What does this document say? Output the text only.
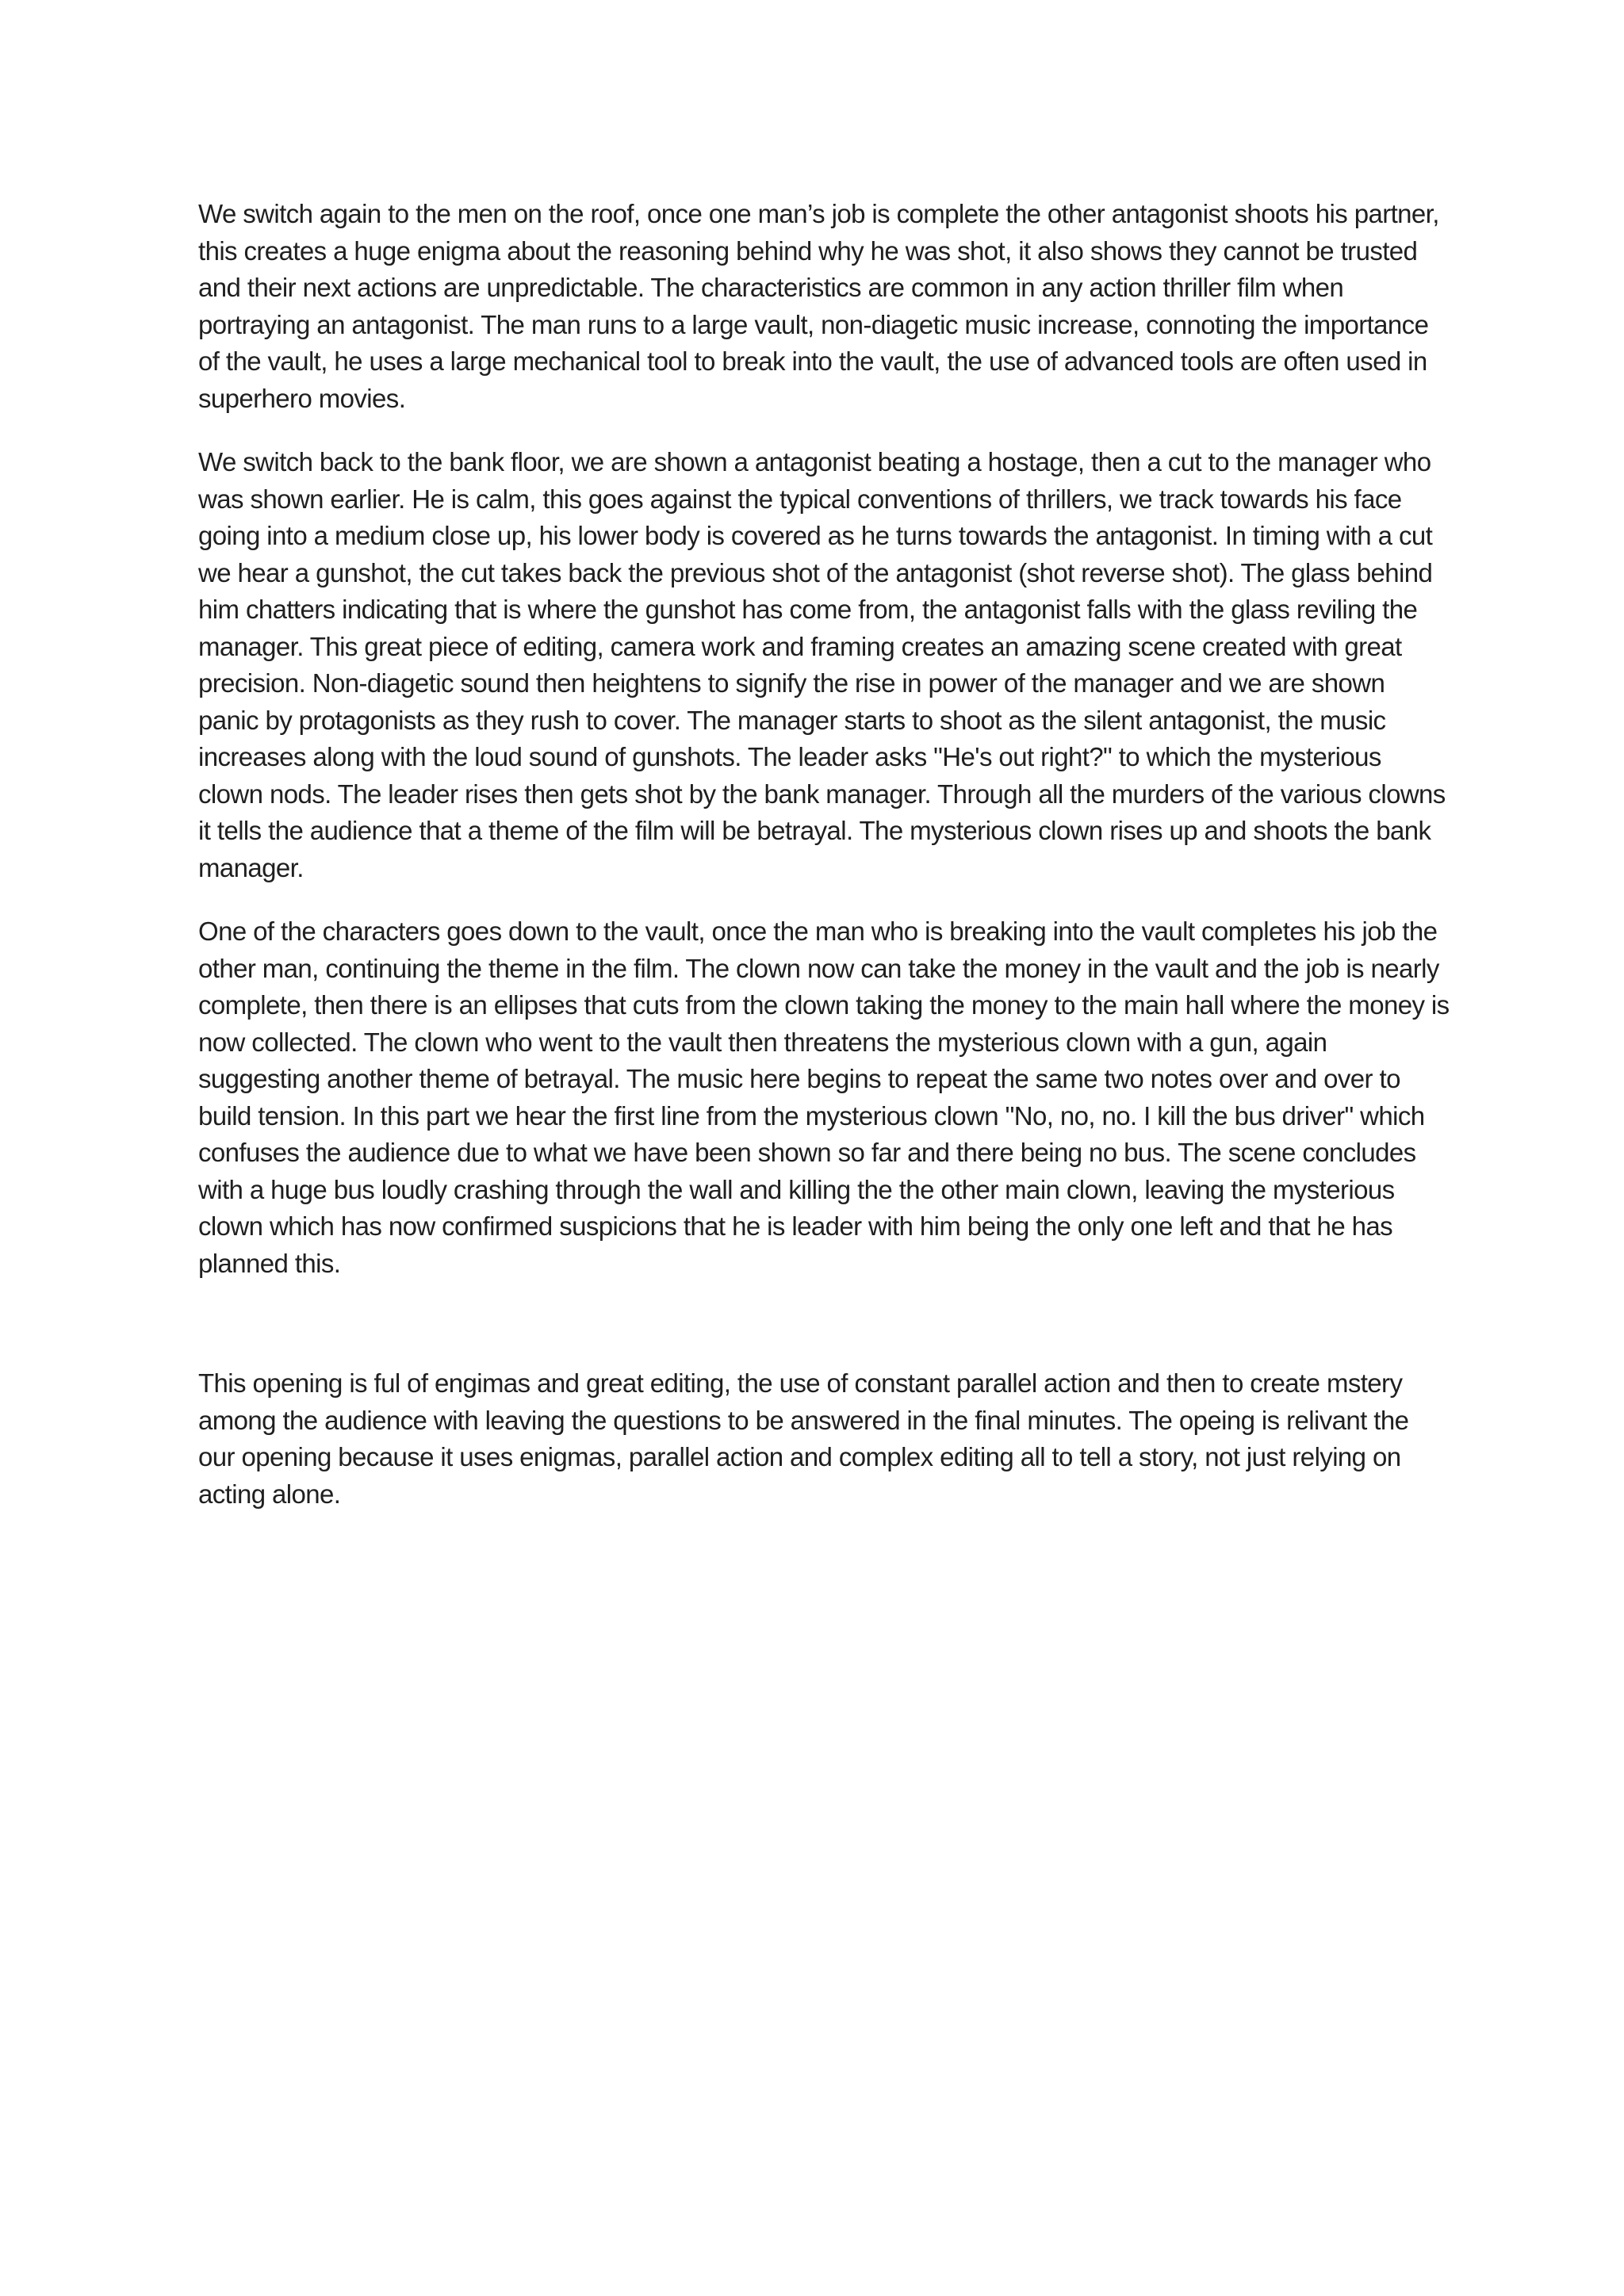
We switch again to the men on the roof, once one man’s job is complete the other antagonist shoots his partner, this creates a huge enigma about the reasoning behind why he was shot, it also shows they cannot be trusted and their next actions are unpredictable. The characteristics are common in any action thriller film when portraying an antagonist. The man runs to a large vault, non-diagetic music increase, connoting the importance of the vault, he uses a large mechanical tool to break into the vault, the use of advanced tools are often used in superhero movies.

We switch back to the bank floor, we are shown a antagonist beating a hostage, then a cut to the manager who was shown earlier. He is calm, this goes against the typical conventions of thrillers, we track towards his face going into a medium close up, his lower body is covered as he turns towards the antagonist. In timing with a cut we hear a gunshot, the cut takes back the previous shot of the antagonist (shot reverse shot). The glass behind him chatters indicating that is where the gunshot has come from, the antagonist falls with the glass reviling the manager. This great piece of editing, camera work and framing creates an amazing scene created with great precision. Non-diagetic sound then heightens to signify the rise in power of the manager and we are shown panic by protagonists as they rush to cover. The manager starts to shoot as the silent antagonist, the music increases along with the loud sound of gunshots. The leader asks "He's out right?" to which the mysterious clown nods. The leader rises then gets shot by the bank manager. Through all the murders of the various clowns it tells the audience that a theme of the film will be betrayal. The mysterious clown rises up and shoots the bank manager.

One of the characters goes down to the vault, once the man who is breaking into the vault completes his job the other man, continuing the theme in the film. The clown now can take the money in the vault and the job is nearly complete, then there is an ellipses that cuts from the clown taking the money to the main hall where the money is now collected. The clown who went to the vault then threatens the mysterious clown with a gun, again suggesting another theme of betrayal. The music here begins to repeat the same two notes over and over to build tension. In this part we hear the first line from the mysterious clown "No, no, no. I kill the bus driver" which confuses the audience due to what we have been shown so far and there being no bus. The scene concludes with a huge bus loudly crashing through the wall and killing the the other main clown, leaving the mysterious clown which has now confirmed suspicions that he is leader with him being the only one left and that he has planned this.

This opening is ful of engimas and great editing, the use of constant parallel action and then to create mstery among the audience with leaving the questions to be answered in the final minutes. The opeing is relivant the our opening because it uses enigmas, parallel action and complex editing all to tell a story, not just relying on acting alone.
